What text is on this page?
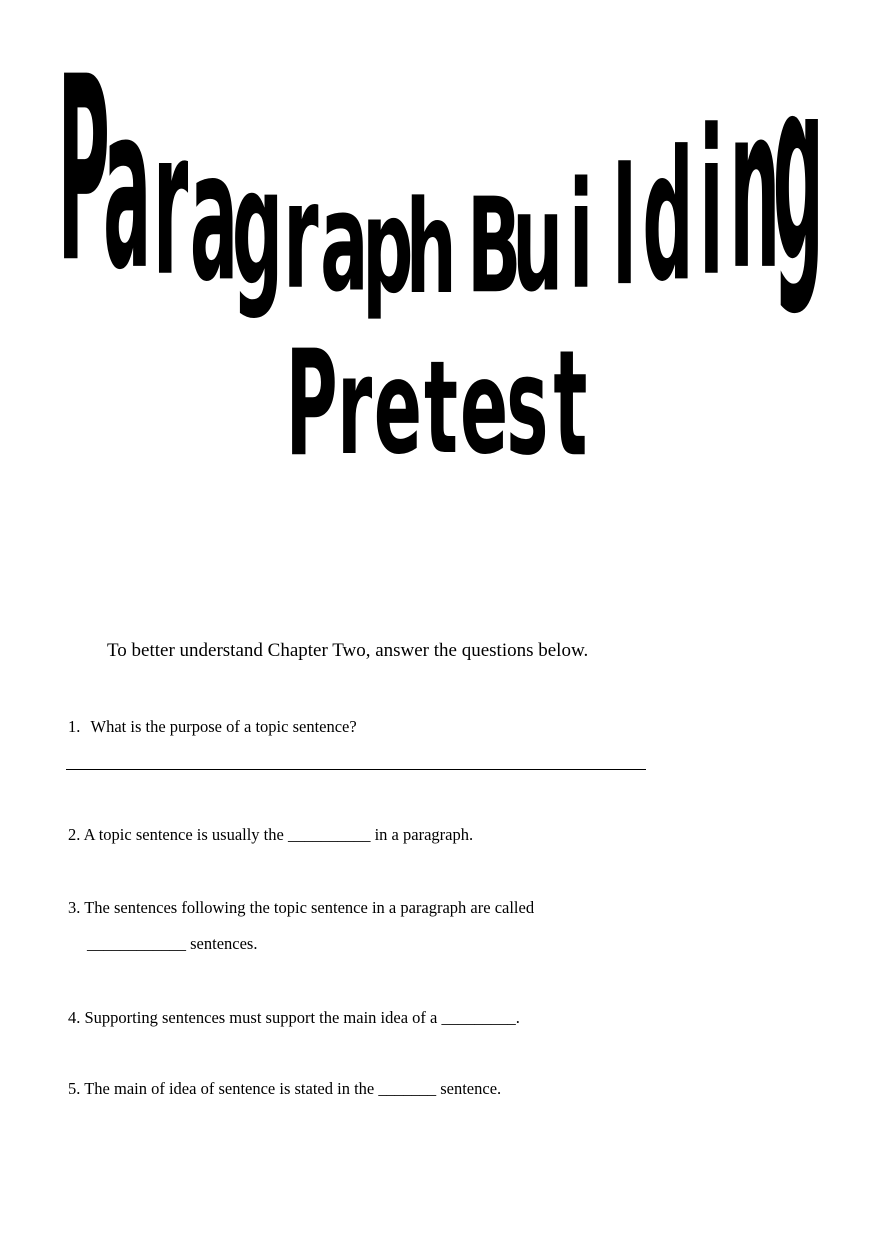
P
a r a
g r a
p
h B
u i l d i n
g
P r e t e
s t
To better understand Chapter Two, answer the questions below.
1. What is the purpose of a topic sentence?
2. A topic sentence is usually the __________ in a paragraph.
3. The sentences following the topic sentence in a paragraph are called
____________ sentences.
4. Supporting sentences must support the main idea of a _________.
5. The main of idea of sentence is stated in the _______ sentence.
